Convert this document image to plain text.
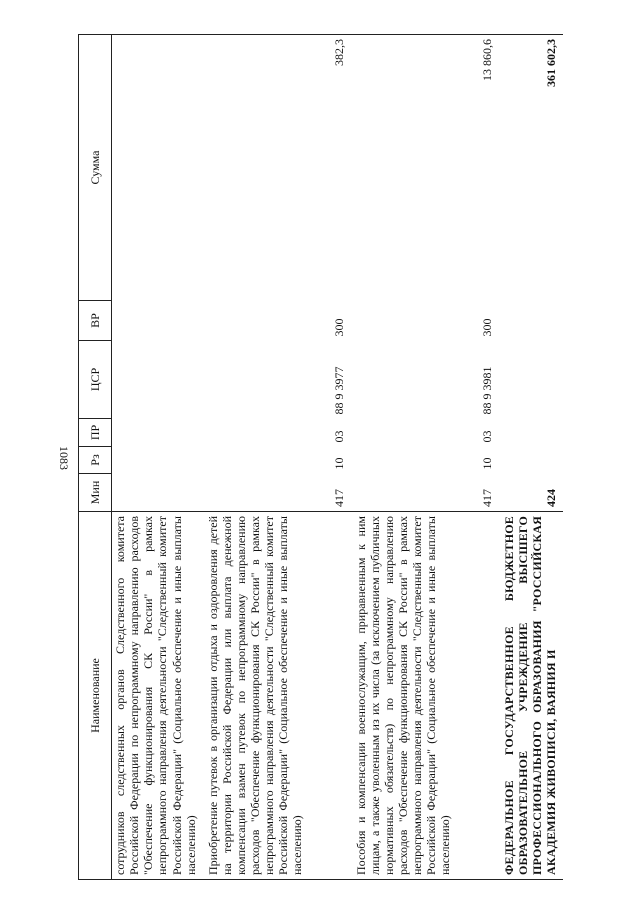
1083
Наименование	Мин	Рз	ПР	ЦСР	ВР	Сумма
сотрудников следственных органов Следственного комитета Российской Федерации по непрограммному направлению расходов "Обеспечение функционирования СК России" в рамках непрограммного направления деятельности "Следственный комитет Российской Федерации" (Социальное обеспечение и иные выплаты населению)						
Приобретение путевок в организации отдыха и оздоровления детей на территории Российской Федерации или выплата денежной компенсации взамен путевок по непрограммному направлению расходов "Обеспечение функционирования СК России" в рамках непрограммного направления деятельности "Следственный комитет Российской Федерации" (Социальное обеспечение и иные выплаты населению)	417	10	03	88 9 3977	300	382,3
Пособия и компенсации военнослужащим, приравненным к ним лицам, а также уволенным из их числа (за исключением публичных нормативных обязательств) по непрограммному направлению расходов "Обеспечение функционирования СК России" в рамках непрограммного направления деятельности "Следственный комитет Российской Федерации" (Социальное обеспечение и иные выплаты населению)	417	10	03	88 9 3981	300	13 860,6
ФЕДЕРАЛЬНОЕ ГОСУДАРСТВЕННОЕ БЮДЖЕТНОЕ ОБРАЗОВАТЕЛЬНОЕ УЧРЕЖДЕНИЕ ВЫСШЕГО ПРОФЕССИОНАЛЬНОГО ОБРАЗОВАНИЯ "РОССИЙСКАЯ АКАДЕМИЯ ЖИВОПИСИ, ВАЯНИЯ И	424					361 602,3
